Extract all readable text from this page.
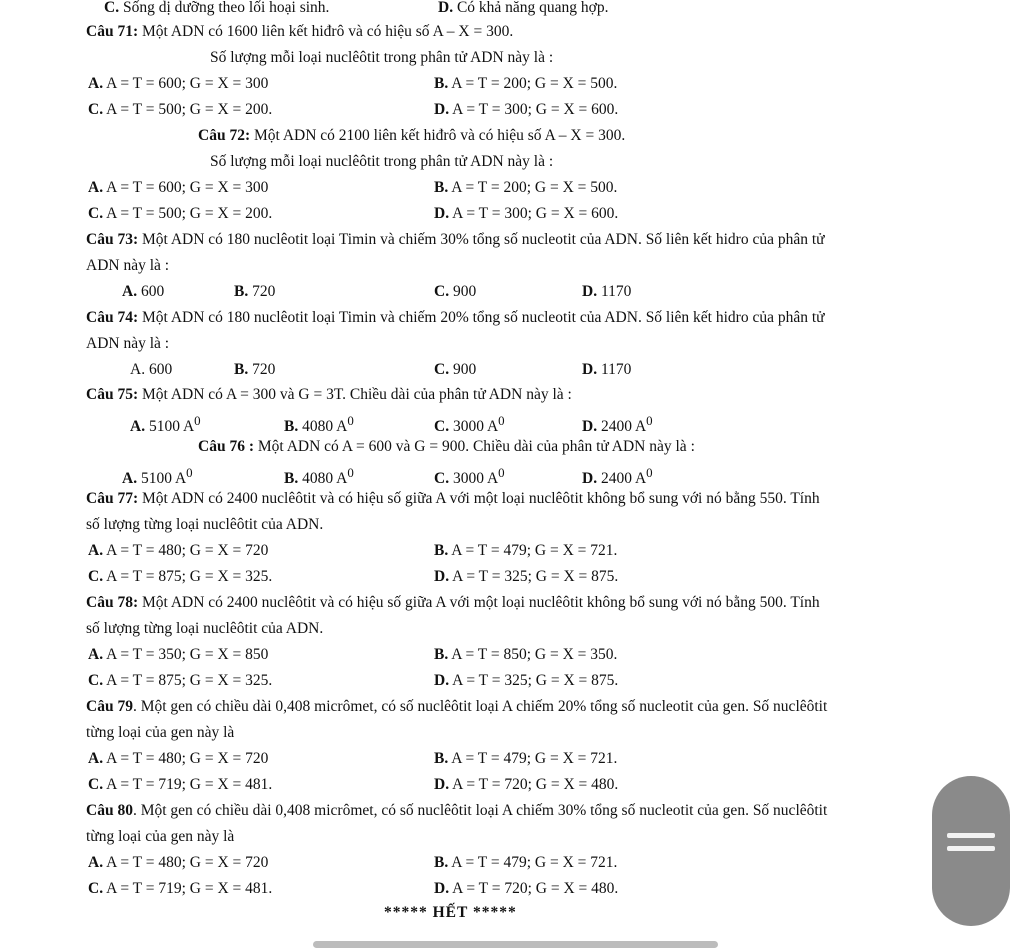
C. Sống dị dưỡng theo lối hoại sinh.	D. Có khả năng quang hợp.
Câu 71: Một ADN có 1600 liên kết hiđrô và có hiệu số A – X = 300.
Số lượng mỗi loại nuclêôtit trong phân tử ADN này là :
A. A = T = 600; G = X = 300	B. A = T = 200; G = X = 500.
C. A = T = 500; G = X = 200.	D. A = T = 300; G = X = 600.
Câu 72: Một ADN có 2100 liên kết hiđrô và có hiệu số A – X = 300.
Số lượng mỗi loại nuclêôtit trong phân tử ADN này là :
A. A = T = 600; G = X = 300	B. A = T = 200; G = X = 500.
C. A = T = 500; G = X = 200.	D. A = T = 300; G = X = 600.
Câu 73: Một ADN có 180 nuclêotit loại Timin và chiếm 30% tổng số nucleotit của ADN. Số liên kết hidro của phân tử
ADN này là :
A. 600	B. 720	C. 900	D. 1170
Câu 74: Một ADN có 180 nuclêotit loại Timin và chiếm 20% tổng số nucleotit của ADN. Số liên kết hidro của phân tử
ADN này là :
A. 600	B. 720	C. 900	D. 1170
Câu 75: Một ADN có A = 300 và G = 3T. Chiều dài của phân tử ADN này là :
A. 5100 $A^0$	B. 4080 $A^0$	C. 3000 $A^0$	D. 2400 $A^0$
Câu 76 : Một ADN có A = 600 và G = 900. Chiều dài của phân tử ADN này là :
A. 5100 $A^0$	B. 4080 $A^0$	C. 3000 $A^0$	D. 2400 $A^0$
Câu 77: Một ADN có 2400 nuclêôtit và có hiệu số giữa A với một loại nuclêôtit không bổ sung với nó bằng 550. Tính
số lượng từng loại nuclêôtit của ADN.
A. A = T = 480; G = X = 720	B. A = T = 479; G = X = 721.
C. A = T = 875; G = X = 325.	D. A = T = 325; G = X = 875.
Câu 78: Một ADN có 2400 nuclêôtit và có hiệu số giữa A với một loại nuclêôtit không bổ sung với nó bằng 500. Tính
số lượng từng loại nuclêôtit của ADN.
A. A = T = 350; G = X = 850	B. A = T = 850; G = X = 350.
C. A = T = 875; G = X = 325.	D. A = T = 325; G = X = 875.
Câu 79. Một gen có chiều dài 0,408 micrômet, có số nuclêôtit loại A chiếm 20% tổng số nucleotit của gen. Số nuclêôtit
từng loại của gen này là
A. A = T = 480; G = X = 720	B. A = T = 479; G = X = 721.
C. A = T = 719; G = X = 481.	D. A = T = 720; G = X = 480.
Câu 80. Một gen có chiều dài 0,408 micrômet, có số nuclêôtit loại A chiếm 30% tổng số nucleotit của gen. Số nuclêôtit
từng loại của gen này là
A. A = T = 480; G = X = 720	B. A = T = 479; G = X = 721.
C. A = T = 719; G = X = 481.	D. A = T = 720; G = X = 480.
***** HẾT *****
